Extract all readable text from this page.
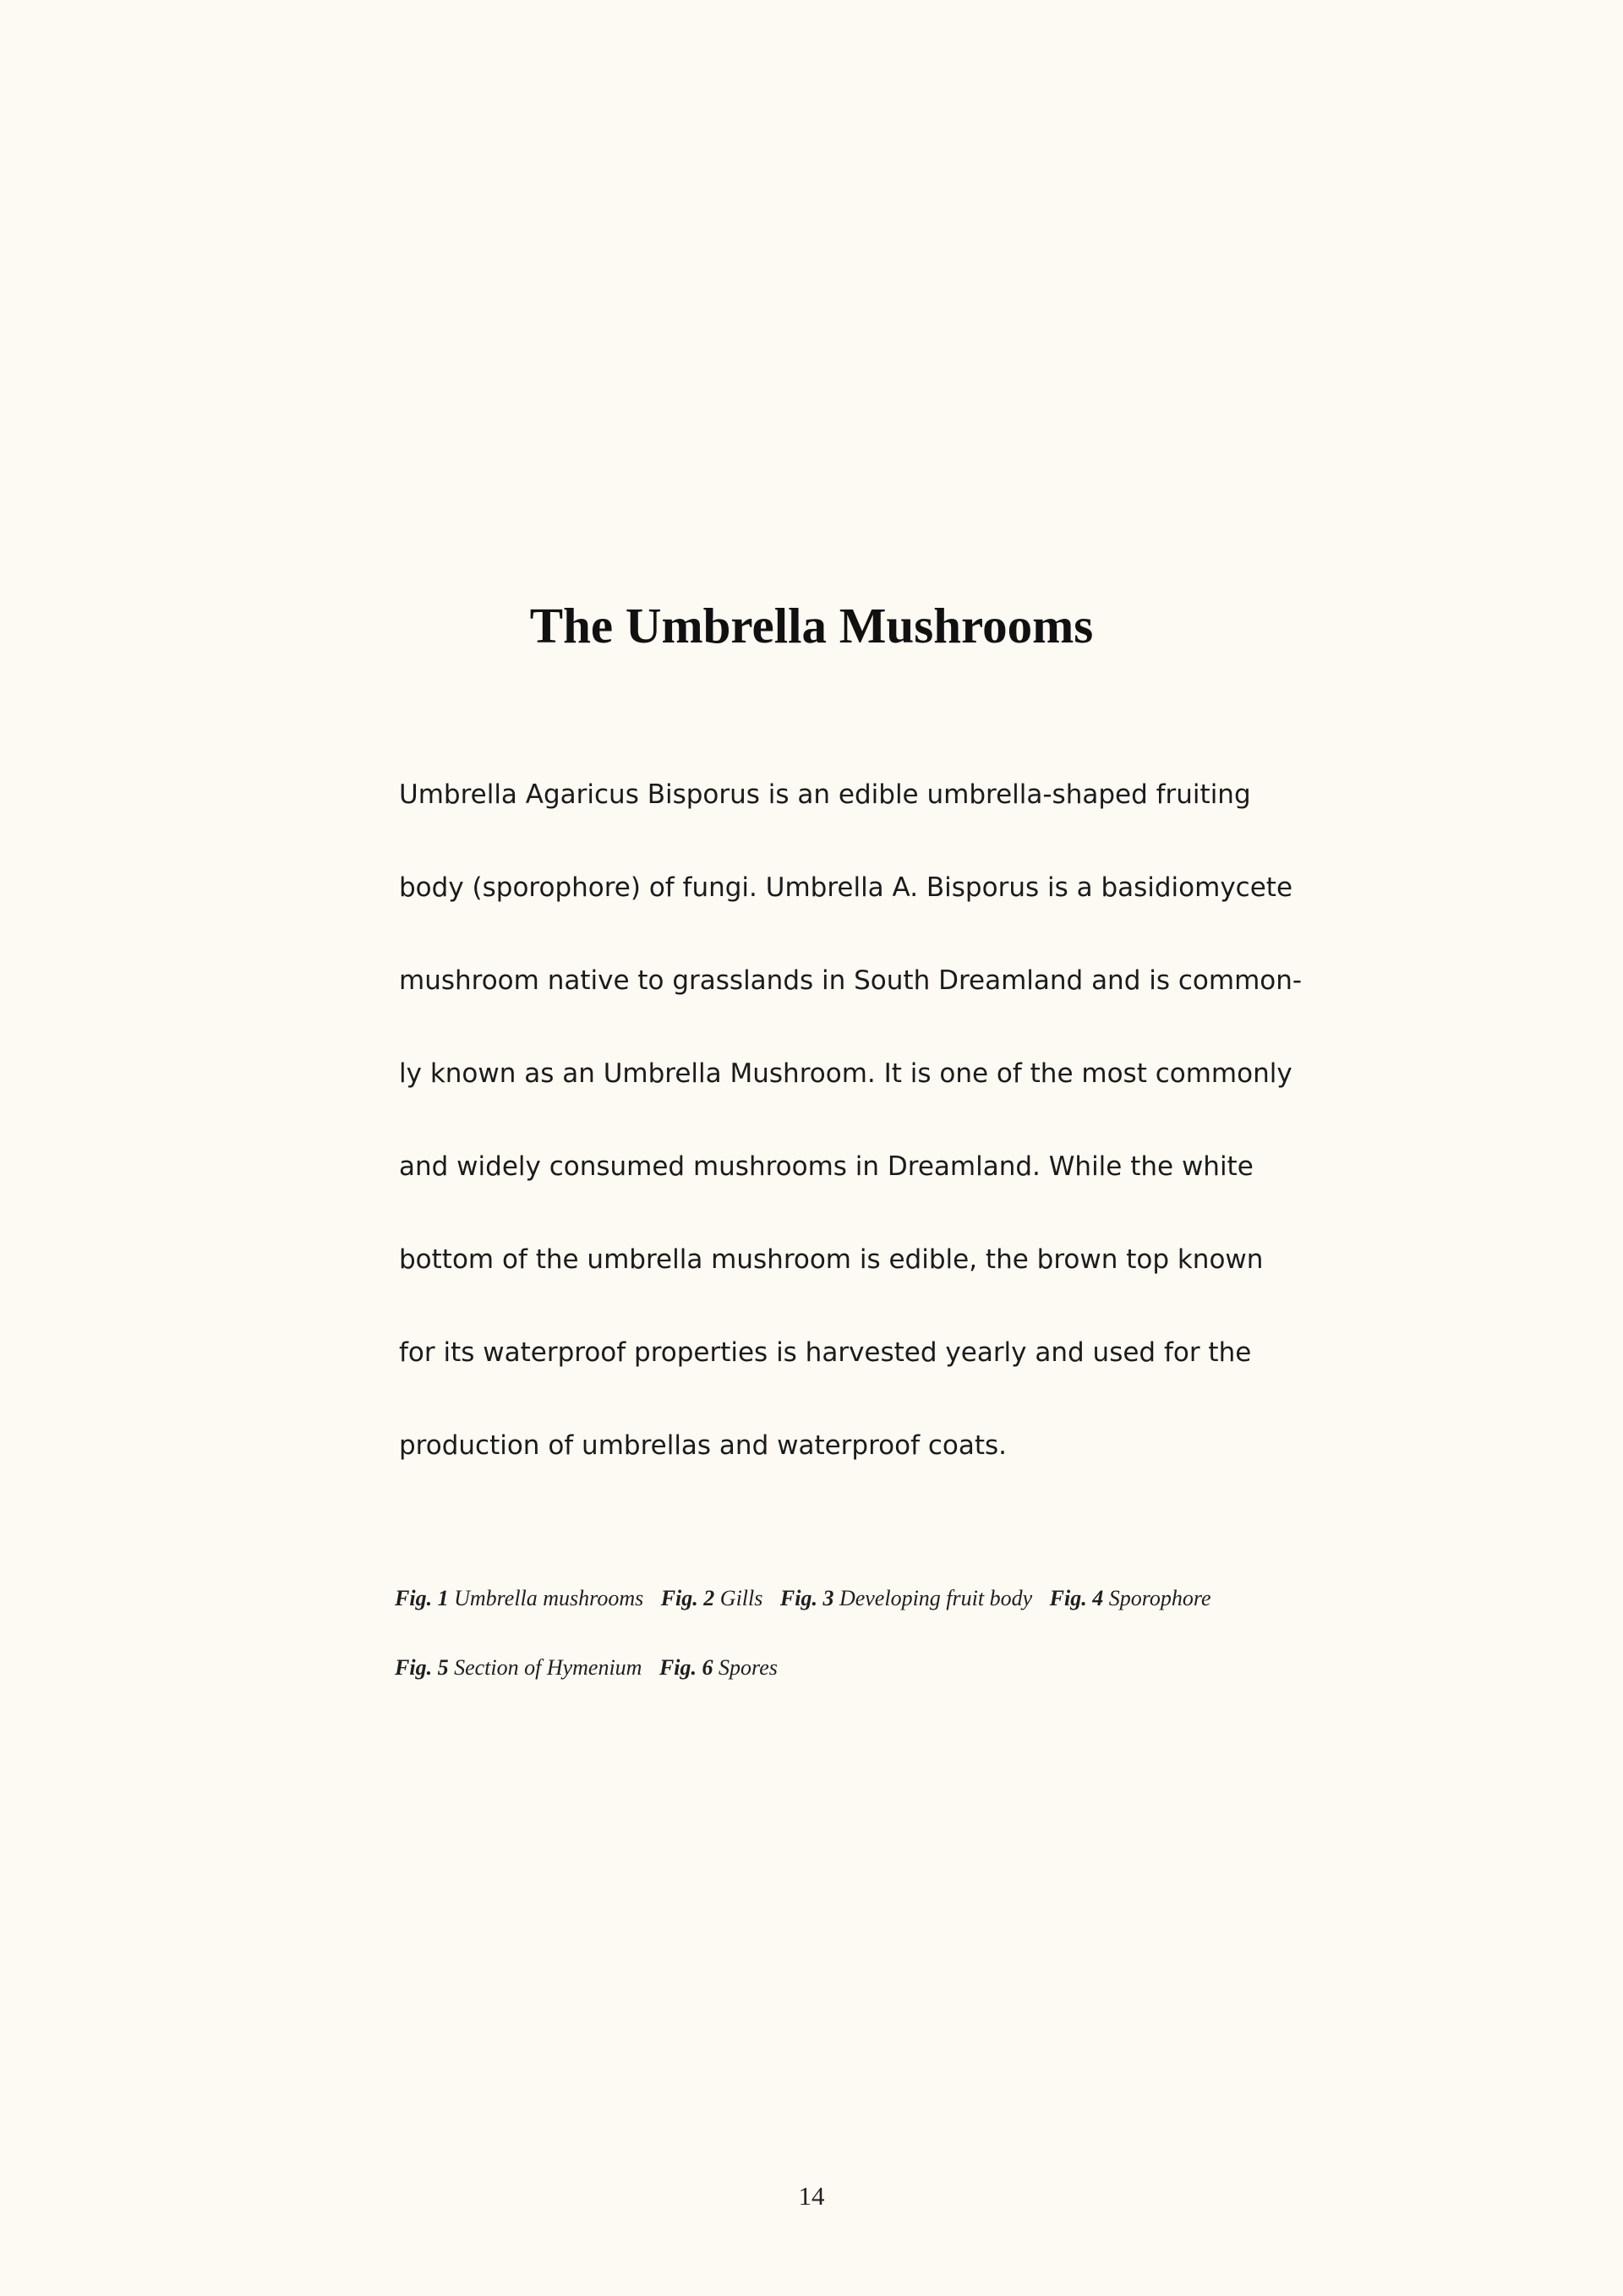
The Umbrella Mushrooms
Umbrella Agaricus Bisporus is an edible umbrella-shaped fruiting
body (sporophore) of fungi. Umbrella A. Bisporus is a basidiomycete
mushroom native to grasslands in South Dreamland and is common-
ly known as an Umbrella Mushroom. It is one of the most commonly
and widely consumed mushrooms in Dreamland. While the white
bottom of the umbrella mushroom is edible, the brown top known
for its waterproof properties is harvested yearly and used for the
production of umbrellas and waterproof coats.
Fig. 1 Umbrella mushrooms Fig. 2 Gills Fig. 3 Developing fruit body Fig. 4 Sporophore
Fig. 5 Section of Hymenium Fig. 6 Spores
14
